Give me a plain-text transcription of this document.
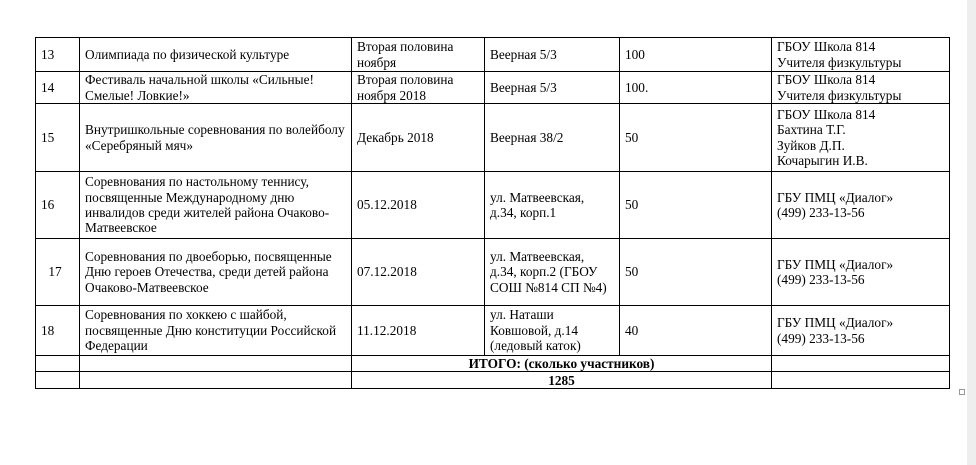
13	Олимпиада по физической культуре	Вторая половина ноября	Веерная 5/3	100	ГБОУ Школа 814
Учителя физкультуры

14	Фестиваль начальной школы «Сильные! Смелые! Ловкие!»	Вторая половина ноября 2018	Веерная 5/3	100.	ГБОУ Школа 814
Учителя физкультуры

15	Внутришкольные соревнования по волейболу «Серебряный мяч»	Декабрь 2018	Веерная 38/2	50	ГБОУ Школа 814
Бахтина Т.Г.
Зуйков Д.П.
Кочарыгин И.В.

16	Соревнования по настольному теннису, посвященные Международному дню инвалидов среди жителей района Очаково-Матвеевское	05.12.2018	ул. Матвеевская, д.34, корп.1	50	ГБУ ПМЦ «Диалог»
(499) 233-13-56

17	Соревнования по двоеборью, посвященные Дню героев Отечества, среди детей района Очаково-Матвеевское	07.12.2018	ул. Матвеевская, д.34, корп.2 (ГБОУ СОШ №814 СП №4)	50	ГБУ ПМЦ «Диалог»
(499) 233-13-56

18	Соревнования по хоккею с шайбой, посвященные Дню конституции Российской Федерации	11.12.2018	ул. Наташи Ковшовой, д.14 (ледовый каток)	40	ГБУ ПМЦ «Диалог»
(499) 233-13-56

		ИТОГО: (сколько участников)			
		1285			
